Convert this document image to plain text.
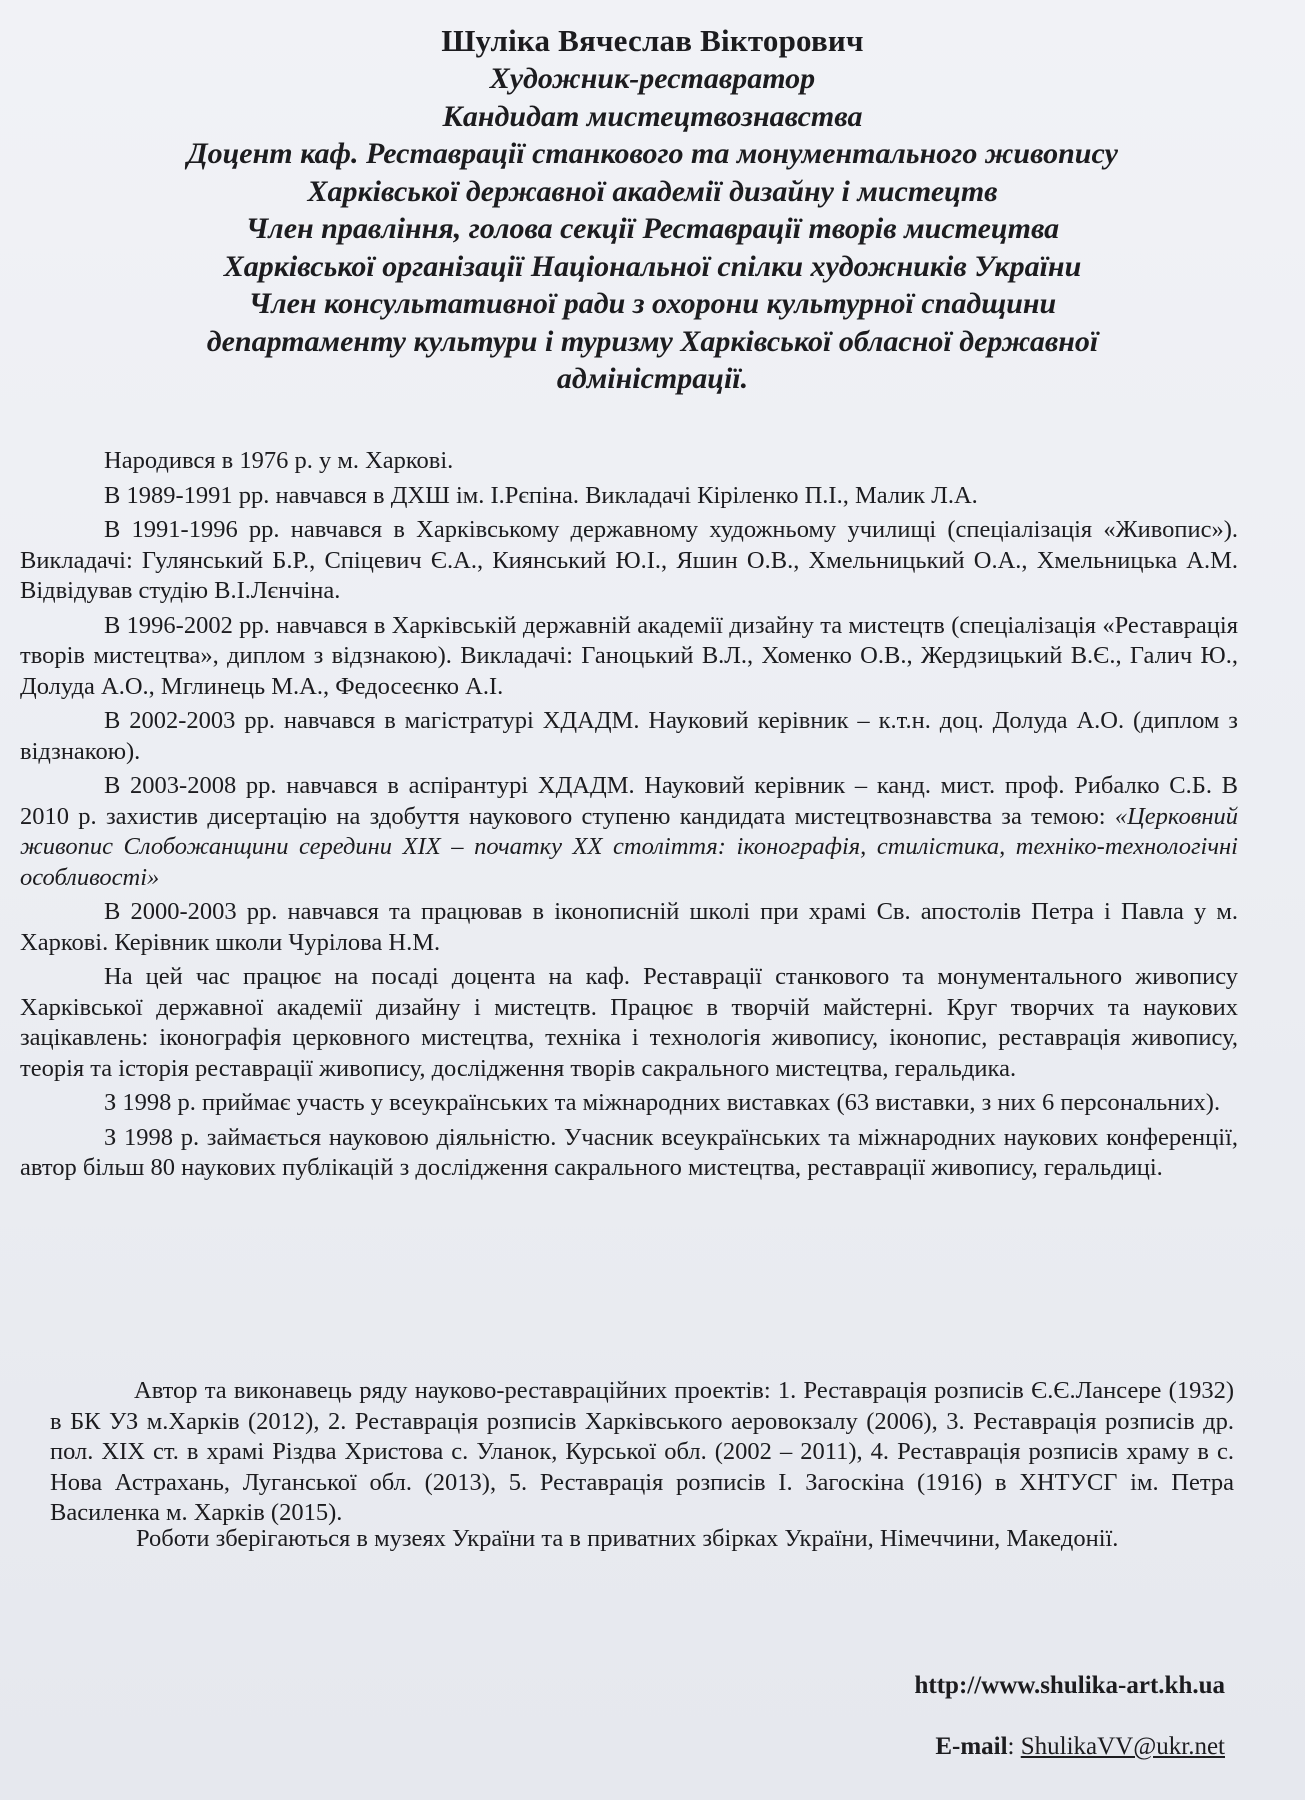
Шуліка Вячеслав Вікторович

Художник-реставратор

Кандидат мистецтвознавства

Доцент каф. Реставрації станкового та монументального живопису

Харківської державної академії дизайну і мистецтв

Член правління, голова секції Реставрації творів мистецтва

Харківської організації Національної спілки художників України

Член консультативної ради з охорони культурної спадщини

департаменту культури і туризму Харківської обласної державної

адміністрації.

Народився в 1976 р. у м. Харкові.

В 1989-1991 рр. навчався в ДХШ ім. І.Рєпіна. Викладачі Кіріленко П.І., Малик Л.А.

В 1991-1996 рр. навчався в Харківському державному художньому училищі (спеціалізація «Живопис»). Викладачі: Гулянський Б.Р., Спіцевич Є.А., Киянський Ю.І., Яшин О.В., Хмельницький О.А., Хмельницька А.М. Відвідував студію В.І.Лєнчіна.

В 1996-2002 рр. навчався в Харківській державній академії дизайну та мистецтв (спеціалізація «Реставрація творів мистецтва», диплом з відзнакою). Викладачі: Ганоцький В.Л., Хоменко О.В., Жердзицький В.Є., Галич Ю., Долуда А.О., Мглинець М.А., Федосеєнко А.І.

В 2002-2003 рр. навчався в магістратурі ХДАДМ. Науковий керівник – к.т.н. доц. Долуда А.О. (диплом з відзнакою).

В 2003-2008 рр. навчався в аспірантурі ХДАДМ. Науковий керівник – канд. мист. проф. Рибалко С.Б. В 2010 р. захистив дисертацію на здобуття наукового ступеню кандидата мистецтвознавства за темою: «Церковний живопис Слобожанщини середини XIX – початку XX століття: іконографія, стилістика, техніко-технологічні особливості»

В 2000-2003 рр. навчався та працював в іконописній школі при храмі Св. апостолів Петра і Павла у м. Харкові. Керівник школи Чурілова Н.М.

На цей час працює на посаді доцента на каф. Реставрації станкового та монументального живопису Харківської державної академії дизайну і мистецтв. Працює в творчій майстерні. Круг творчих та наукових зацікавлень: іконографія церковного мистецтва, техніка і технологія живопису, іконопис, реставрація живопису, теорія та історія реставрації живопису, дослідження творів сакрального мистецтва, геральдика.

З 1998 р. приймає участь у всеукраїнських та міжнародних виставках (63 виставки, з них 6 персональних).

З 1998 р. займається науковою діяльністю. Учасник всеукраїнських та міжнародних наукових конференції, автор більш 80 наукових публікацій з дослідження сакрального мистецтва, реставрації живопису, геральдиці.

Автор та виконавець ряду науково-реставраційних проектів: 1. Реставрація розписів Є.Є.Лансере (1932) в БК УЗ м.Харків (2012), 2. Реставрація розписів Харківського аеровокзалу (2006), 3. Реставрація розписів др. пол. XIX ст. в храмі Різдва Христова с. Уланок, Курської обл. (2002 – 2011), 4. Реставрація розписів храму в с. Нова Астрахань, Луганської обл. (2013), 5. Реставрація розписів І. Загоскіна (1916) в ХНТУСГ ім. Петра Василенка м. Харків (2015).

Роботи зберігаються в музеях України та в приватних збірках України, Німеччини, Македонії.

http://www.shulika-art.kh.ua
E-mail: ShulikaVV@ukr.net
